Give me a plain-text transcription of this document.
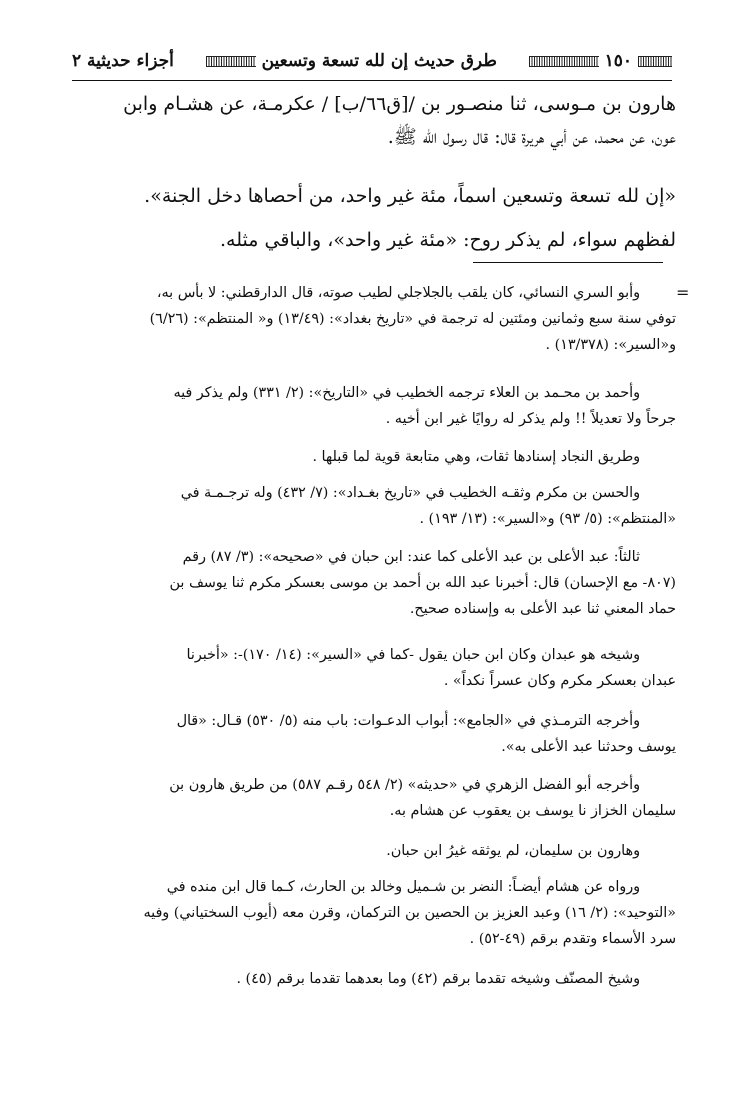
١٥٠
طرق حديث إن لله تسعة وتسعين
أجزاء حديثية ٢

هارون بن مـوسى، ثنا منصـور بن /[ق٦٦/ب] / عكرمـة، عن هشـام وابن

عون، عن محمد، عن أبي هريرة قال: قال رسول الله ﷺ.

«إن لله تسعة وتسعين اسماً، مئة غير واحد، من أحصاها دخل الجنة».

لفظهم سواء، لم يذكر روح: «مئة غير واحد»، والباقي مثله.

=

وأبو السري النسائي، كان يلقب بالجلاجلي لطيب صوته، قال الدارقطني: لا بأس به،

توفي سنة سبع وثمانين ومئتين له ترجمة في «تاريخ بغداد»: (١٣/٤٩) و« المنتظم»: (٦/٢٦)

و«السير»: (١٣/٣٧٨) .

وأحمد بن محـمد بن العلاء ترجمه الخطيب في «التاريخ»: (٢/ ٣٣١) ولم يذكر فيه

جرحاً ولا تعديلاً !! ولم يذكر له روايًا غير ابن أخيه .

وطريق النجاد إسنادها ثقات، وهي متابعة قوية لما قبلها .

والحسن بن مكرم وثقـه الخطيب في «تاريخ بغـداد»: (٧/ ٤٣٢) وله ترجـمـة في

«المنتظم»: (٥/ ٩٣) و«السير»: (١٣/ ١٩٣) .

ثالثاً: عبد الأعلى بن عبد الأعلى كما عند: ابن حبان في «صحيحه»: (٣/ ٨٧) رقم

(٨٠٧- مع الإحسان) قال: أخبرنا عبد الله بن أحمد بن موسى بعسكر مكرم ثنا يوسف بن

حماد المعني ثنا عبد الأعلى به وإسناده صحيح.

وشيخه هو عبدان وكان ابن حبان يقول -كما في «السير»: (١٤/ ١٧٠)-: «أخبرنا

عبدان بعسكر مكرم وكان عسراً نكداً» .

وأخرجه الترمـذي في «الجامع»: أبواب الدعـوات: باب منه (٥/ ٥٣٠) قـال: «قال

يوسف وحدثنا عبد الأعلى به».

وأخرجه أبو الفضل الزهري في «حديثه» (٢/ ٥٤٨ رقـم ٥٨٧) من طريق هارون بن

سليمان الخزاز نا يوسف بن يعقوب عن هشام به.

وهارون بن سليمان، لم يوثقه غيرُ ابن حبان.

ورواه عن هشام أيضـاً: النضر بن شـميل وخالد بن الحارث، كـما قال ابن منده في

«التوحيد»: (٢/ ١٦) وعبد العزيز بن الحصين بن التركمان، وقرن معه (أيوب السختياني) وفيه

سرد الأسماء وتقدم برقم (٤٩-٥٢) .

وشيخ المصنّف وشيخه تقدما برقم (٤٢) وما بعدهما تقدما برقم (٤٥) .
